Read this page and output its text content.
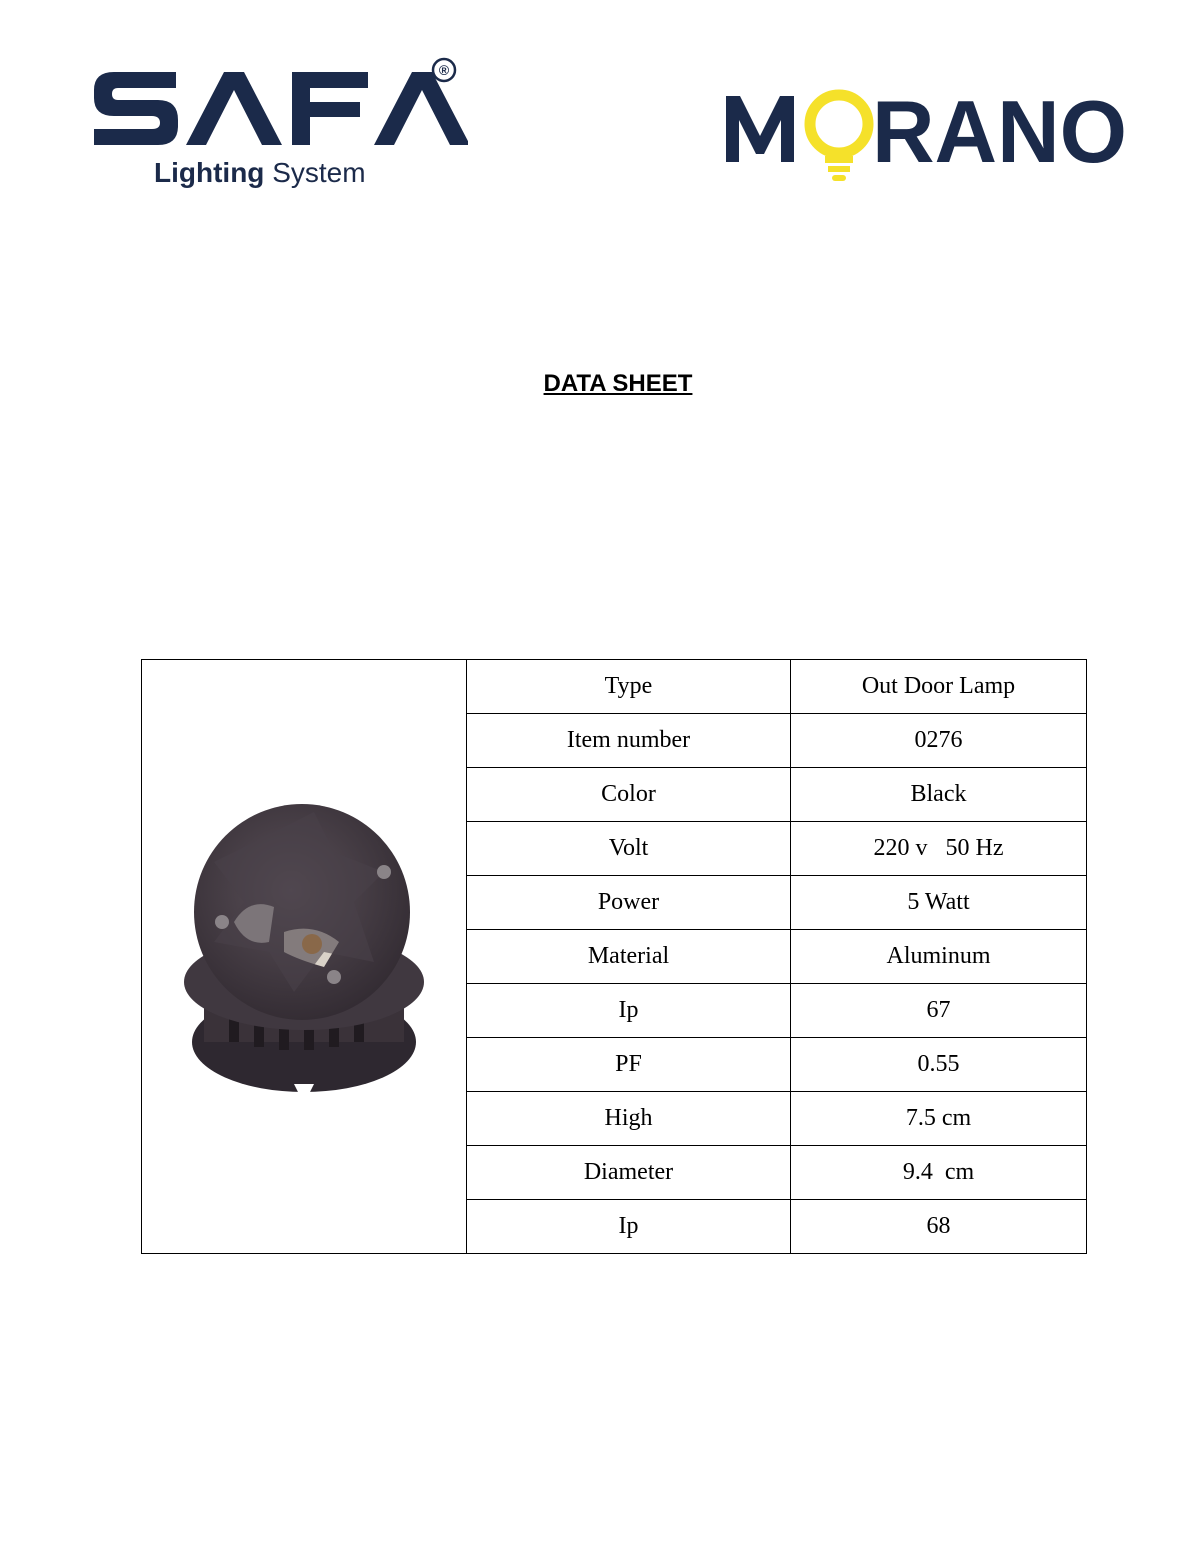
®
Lighting System	RANO
DATA SHEET
	Type	Out Door Lamp
	Item number	0276
	Color	Black
	Volt	220 v   50 Hz
	Power	5 Watt
	Material	Aluminum
	Ip	67
	PF	0.55
	High	7.5 cm
	Diameter	9.4  cm
	Ip	68
